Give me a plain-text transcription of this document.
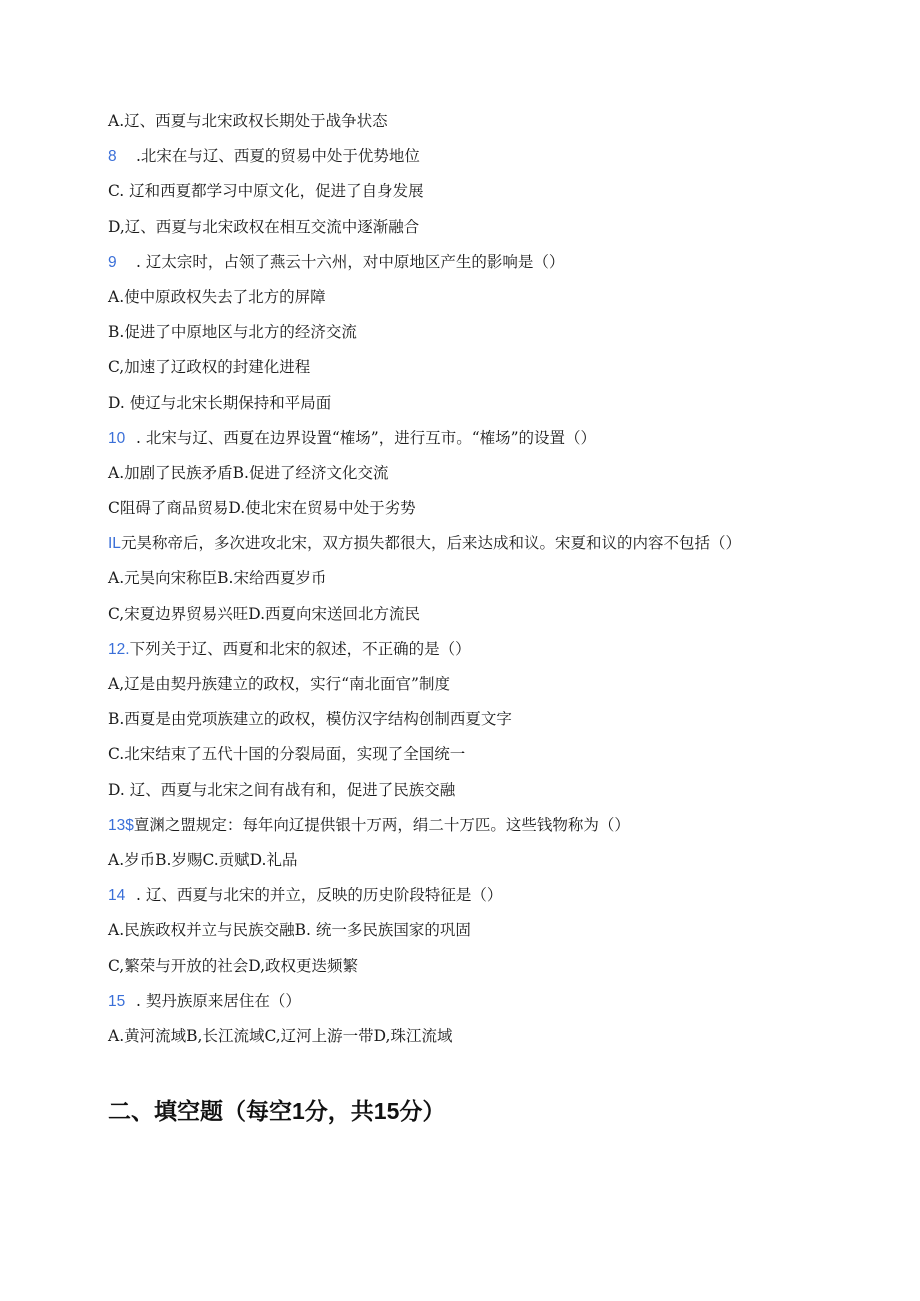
A.辽、西夏与北宋政权长期处于战争状态
8 .北宋在与辽、西夏的贸易中处于优势地位
C. 辽和西夏都学习中原文化，促进了自身发展
D,辽、西夏与北宋政权在相互交流中逐渐融合
9 . 辽太宗时，占领了燕云十六州，对中原地区产生的影响是（）
A.使中原政权失去了北方的屏障
B.促进了中原地区与北方的经济交流
C,加速了辽政权的封建化进程
D. 使辽与北宋长期保持和平局面
10 . 北宋与辽、西夏在边界设置“榷场”，进行互市。“榷场”的设置（）
A.加剧了民族矛盾B.促进了经济文化交流
C阻碍了商品贸易D.使北宋在贸易中处于劣势
IL元昊称帝后，多次进攻北宋，双方损失都很大，后来达成和议。宋夏和议的内容不包括（）
A.元昊向宋称臣B.宋给西夏岁币
C,宋夏边界贸易兴旺D.西夏向宋送回北方流民
12.下列关于辽、西夏和北宋的叙述，不正确的是（）
A,辽是由契丹族建立的政权，实行“南北面官”制度
B.西夏是由党项族建立的政权，模仿汉字结构创制西夏文字
C.北宋结束了五代十国的分裂局面，实现了全国统一
D. 辽、西夏与北宋之间有战有和，促进了民族交融
13$亶渊之盟规定：每年向辽提供银十万两，绢二十万匹。这些钱物称为（）
A.岁币B.岁赐C.贡赋D.礼品
14 . 辽、西夏与北宋的并立，反映的历史阶段特征是（）
A.民族政权并立与民族交融B. 统一多民族国家的巩固
C,繁荣与开放的社会D,政权更迭频繁
15 . 契丹族原来居住在（）
A.黄河流域B,长江流域C,辽河上游一带D,珠江流域
二、填空题（每空1分，共15分）
